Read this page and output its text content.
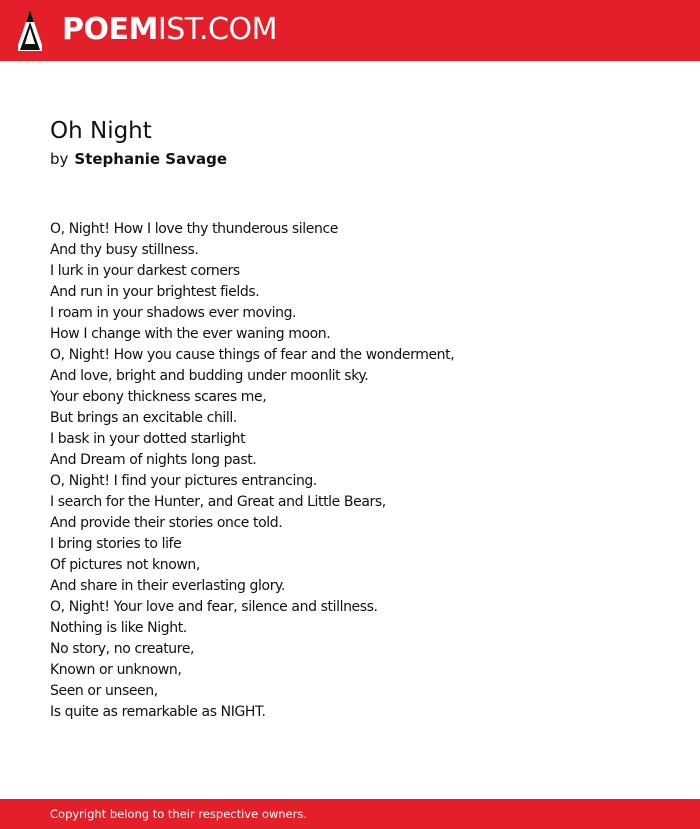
POEMIST.COM
Oh Night
by Stephanie Savage
O, Night! How I love thy thunderous silence
And thy busy stillness.
I lurk in your darkest corners
And run in your brightest fields.
I roam in your shadows ever moving.
How I change with the ever waning moon.
O, Night! How you cause things of fear and the wonderment,
And love, bright and budding under moonlit sky.
Your ebony thickness scares me,
But brings an excitable chill.
I bask in your dotted starlight
And Dream of nights long past.
O, Night! I find your pictures entrancing.
I search for the Hunter, and Great and Little Bears,
And provide their stories once told.
I bring stories to life
Of pictures not known,
And share in their everlasting glory.
O, Night! Your love and fear, silence and stillness.
Nothing is like Night.
No story, no creature,
Known or unknown,
Seen or unseen,
Is quite as remarkable as NIGHT.
Copyright belong to their respective owners.
